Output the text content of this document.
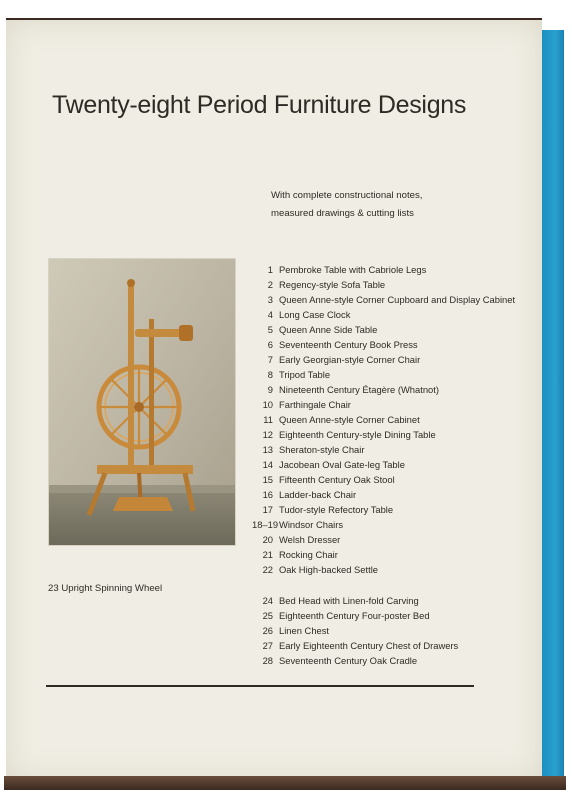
Twenty-eight Period Furniture Designs
With complete constructional notes,
measured drawings & cutting lists
23 Upright Spinning Wheel
1 Pembroke Table with Cabriole Legs
2 Regency-style Sofa Table
3 Queen Anne-style Corner Cupboard and Display Cabinet
4 Long Case Clock
5 Queen Anne Side Table
6 Seventeenth Century Book Press
7 Early Georgian-style Corner Chair
8 Tripod Table
9 Nineteenth Century Étagère (Whatnot)
10 Farthingale Chair
11 Queen Anne-style Corner Cabinet
12 Eighteenth Century-style Dining Table
13 Sheraton-style Chair
14 Jacobean Oval Gate-leg Table
15 Fifteenth Century Oak Stool
16 Ladder-back Chair
17 Tudor-style Refectory Table
18–19 Windsor Chairs
20 Welsh Dresser
21 Rocking Chair
22 Oak High-backed Settle
24 Bed Head with Linen-fold Carving
25 Eighteenth Century Four-poster Bed
26 Linen Chest
27 Early Eighteenth Century Chest of Drawers
28 Seventeenth Century Oak Cradle
